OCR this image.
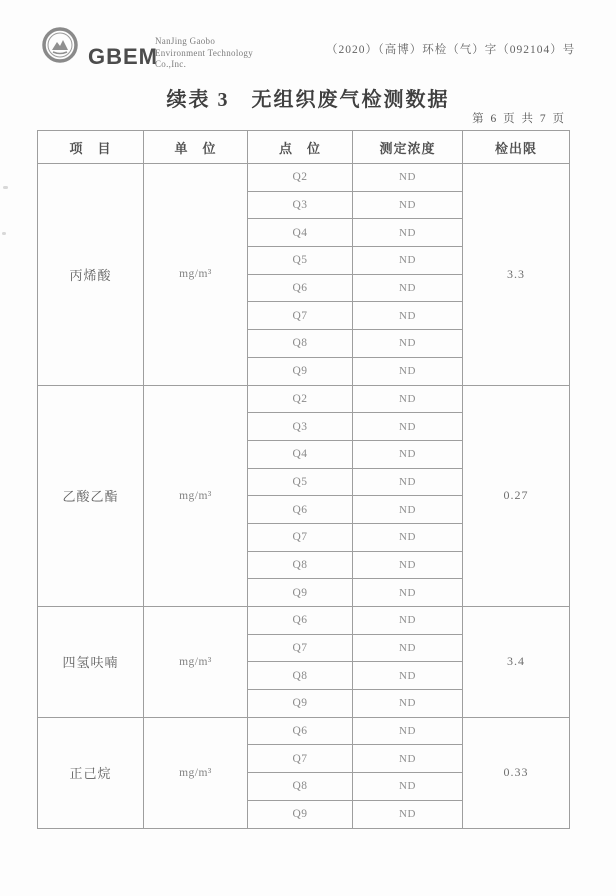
GBEM
NanJing Gaobo
Environment Technology
Co.,Inc.
（2020）（高博）环检（气）字（092104）号
续表 3　无组织废气检测数据
第 6 页 共 7 页
项　目	单　位	点　位	测定浓度	检出限
丙烯酸	mg/m³	Q2	ND	3.3
		Q3	ND	
		Q4	ND	
		Q5	ND	
		Q6	ND	
		Q7	ND	
		Q8	ND	
		Q9	ND	
乙酸乙酯	mg/m³	Q2	ND	0.27
		Q3	ND	
		Q4	ND	
		Q5	ND	
		Q6	ND	
		Q7	ND	
		Q8	ND	
		Q9	ND	
四氢呋喃	mg/m³	Q6	ND	3.4
		Q7	ND	
		Q8	ND	
		Q9	ND	
正己烷	mg/m³	Q6	ND	0.33
		Q7	ND	
		Q8	ND	
		Q9	ND	
